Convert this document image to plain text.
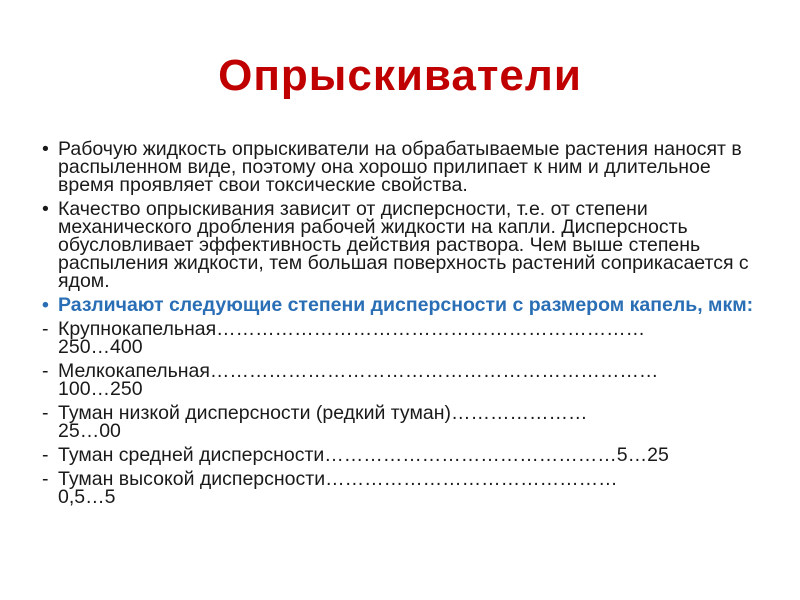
Опрыскиватели
• Рабочую жидкость опрыскиватели на обрабатываемые растения наносят в распыленном виде, поэтому она хорошо прилипает к ним и длительное время проявляет свои токсические свойства.
• Качество опрыскивания зависит от дисперсности, т.е. от степени механического дробления рабочей жидкости на капли. Дисперсность обусловливает эффективность действия раствора. Чем выше степень распыления жидкости, тем большая поверхность растений соприкасается с ядом.
• Различают следующие степени дисперсности с размером капель, мкм:
- Крупнокапельная…………………………………………………………
250…400
- Мелкокапельная……………………………………………………………
100…250
- Туман низкой дисперсности (редкий туман)…………………
25…00
- Туман средней дисперсности………………………………………5…25
- Туман высокой дисперсности………………………………………
0,5…5
